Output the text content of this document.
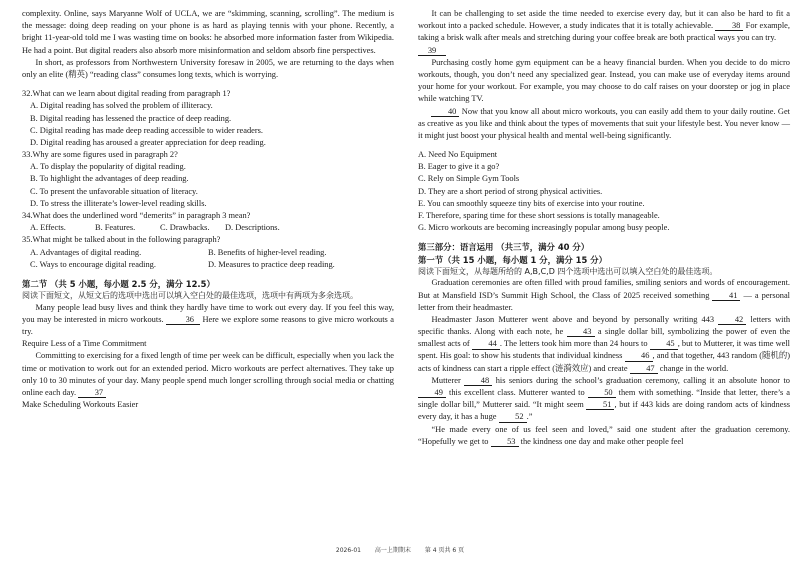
complexity. Online, says Maryanne Wolf of UCLA, we are “skimming, scanning, scrolling”. The medium is the message: doing deep reading on your phone is as hard as playing tennis with your phone. Recently, a bright 11-year-old told me I was wasting time on books: he absorbed more information faster from Wikipedia. He had a point. But digital readers also absorb more misinformation and seldom absorb fine perspectives.

In short, as professors from Northwestern University foresaw in 2005, we are returning to the days when only an elite (精英) “reading class” consumes long texts, which is worrying.

32.What can we learn about digital reading from paragraph 1?

A. Digital reading has solved the problem of illiteracy.

B. Digital reading has lessened the practice of deep reading.

C. Digital reading has made deep reading accessible to wider readers.

D. Digital reading has aroused a greater appreciation for deep reading.

33.Why are some figures used in paragraph 2?

A. To display the popularity of digital reading.

B. To highlight the advantages of deep reading.

C. To present the unfavorable situation of literacy.

D. To stress the illiterate’s lower-level reading skills.

34.What does the underlined word “demerits” in paragraph 3 mean?

A. Effects.	B. Features.	C. Drawbacks.	D. Descriptions.

35.What might be talked about in the following paragraph?

A. Advantages of digital reading.	B. Benefits of higher-level reading.
C. Ways to encourage digital reading.	D. Measures to practice deep reading.

第二节 （共 5 小题，每小题 2.5 分，满分 12.5）

阅读下面短文，从短文后的选项中选出可以填入空白处的最佳选项，选项中有两项为多余选项。

Many people lead busy lives and think they hardly have time to work out every day. If you feel this way, you may be interested in micro workouts.	36 Here we explore some reasons to give micro workouts a try.

Require Less of a Time Commitment

Committing to exercising for a fixed length of time per week can be difficult, especially when you lack the time or motivation to work out for an extended period. Micro workouts are perfect alternatives. They take up only 10 to 30 minutes of your day. Many people spend much longer scrolling through social media or chatting online each day. 37

Make Scheduling Workouts Easier

It can be challenging to set aside the time needed to exercise every day, but it can also be hard to fit a workout into a packed schedule. However, a study indicates that it is totally achievable. 38 For example, taking a brisk walk after meals and stretching during your coffee break are both practical ways you can try.

39

Purchasing costly home gym equipment can be a heavy financial burden. When you decide to do micro workouts, though, you don’t need any specialized gear. Instead, you can make use of everyday items around your home for your workout. For example, you may choose to do calf raises on your doorstep or jog in place while watching TV.

40 Now that you know all about micro workouts, you can easily add them to your daily routine. Get as creative as you like and think about the types of movements that suit your lifestyle best. You never know — it might just boost your physical health and mental well-being significantly.

A. Need No Equipment

B. Eager to give it a go?

C. Rely on Simple Gym Tools

D. They are a short period of strong physical activities.

E. You can smoothly squeeze tiny bits of exercise into your routine.

F. Therefore, sparing time for these short sessions is totally manageable.

G. Micro workouts are becoming increasingly popular among busy people.

第三部分：语言运用 （共三节，满分 40 分）

第一节（共 15 小题，每小题 1 分，满分 15 分）

阅读下面短文，从每题所给的 A,B,C,D 四个选项中选出可以填入空白处的最佳选项。

Graduation ceremonies are often filled with proud families, smiling seniors and words of encouragement. But at Mansfield ISD’s Summit High School, the Class of 2025 received something 41 — a personal letter from their headmaster.

Headmaster Jason Mutterer went above and beyond by personally writing 443 42 letters with specific thanks. Along with each note, he 43 a single dollar bill, symbolizing the power of even the smallest acts of 44 . The letters took him more than 24 hours to 45 , but to Mutterer, it was time well spent. His goal: to show his students that individual kindness 46 , and that together, 443 random (随机的) acts of kindness can start a ripple effect (涟漪效应) and create 47 change in the world.

Mutterer 48 his seniors during the school’s graduation ceremony, calling it an absolute honor to 49 this excellent class. Mutterer wanted to 50 them with something. “Inside that letter, there’s a single dollar bill,” Mutterer said. “It might seem 51 , but if 443 kids are doing random acts of kindness every day, it has a huge 52 .”

“He made every one of us feel seen and loved,” said one student after the graduation ceremony. “Hopefully we get to 53 the kindness one day and make other people feel

2026-01 高一上期期末 第 4 页共 6 页
